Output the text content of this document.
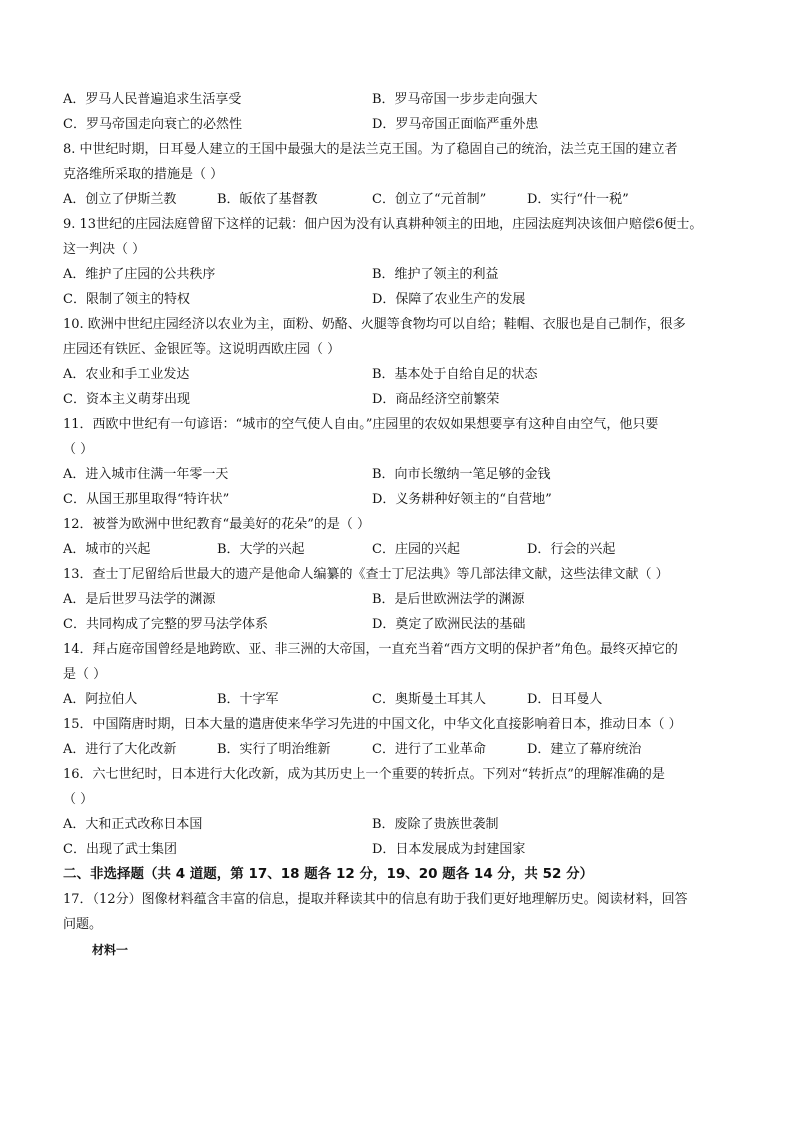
A．罗马人民普遍追求生活享受	B．罗马帝国一步步走向强大
C．罗马帝国走向衰亡的必然性	D．罗马帝国正面临严重外患
8. 中世纪时期，日耳曼人建立的王国中最强大的是法兰克王国。为了稳固自己的统治，法兰克王国的建立者
克洛维所采取的措施是（ ）
A．创立了伊斯兰教	B．皈依了基督教	C．创立了“元首制”	D．实行“什一税”
9. 13世纪的庄园法庭曾留下这样的记载：佃户因为没有认真耕种领主的田地，庄园法庭判决该佃户赔偿6便士。
这一判决（ ）
A．维护了庄园的公共秩序	B．维护了领主的利益
C．限制了领主的特权	D．保障了农业生产的发展
10. 欧洲中世纪庄园经济以农业为主，面粉、奶酪、火腿等食物均可以自给；鞋帽、衣服也是自己制作，很多
庄园还有铁匠、金银匠等。这说明西欧庄园（ ）
A．农业和手工业发达	B．基本处于自给自足的状态
C．资本主义萌芽出现	D．商品经济空前繁荣
11．西欧中世纪有一句谚语：“城市的空气使人自由。”庄园里的农奴如果想要享有这种自由空气，他只要
（ ）
A．进入城市住满一年零一天	B．向市长缴纳一笔足够的金钱
C．从国王那里取得“特许状”	D．义务耕种好领主的“自营地”
12．被誉为欧洲中世纪教育“最美好的花朵”的是（ ）
A．城市的兴起	B．大学的兴起	C．庄园的兴起	D．行会的兴起
13．查士丁尼留给后世最大的遗产是他命人编纂的《查士丁尼法典》等几部法律文献，这些法律文献（ ）
A．是后世罗马法学的渊源	B．是后世欧洲法学的渊源
C．共同构成了完整的罗马法学体系	D．奠定了欧洲民法的基础
14．拜占庭帝国曾经是地跨欧、亚、非三洲的大帝国，一直充当着“西方文明的保护者”角色。最终灭掉它的
是（ ）
A．阿拉伯人	B．十字军	C．奥斯曼土耳其人	D．日耳曼人
15．中国隋唐时期，日本大量的遣唐使来华学习先进的中国文化，中华文化直接影响着日本，推动日本（ ）
A．进行了大化改新	B．实行了明治维新	C．进行了工业革命	D．建立了幕府统治
16．六七世纪时，日本进行大化改新，成为其历史上一个重要的转折点。下列对“转折点”的理解准确的是
（ ）
A．大和正式改称日本国	B．废除了贵族世袭制
C．出现了武士集团	D．日本发展成为封建国家
二、非选择题（共 4 道题，第 17、18 题各 12 分，19、20 题各 14 分，共 52 分）
17．（12分）图像材料蕴含丰富的信息，提取并释读其中的信息有助于我们更好地理解历史。阅读材料，回答
问题。
材料一
